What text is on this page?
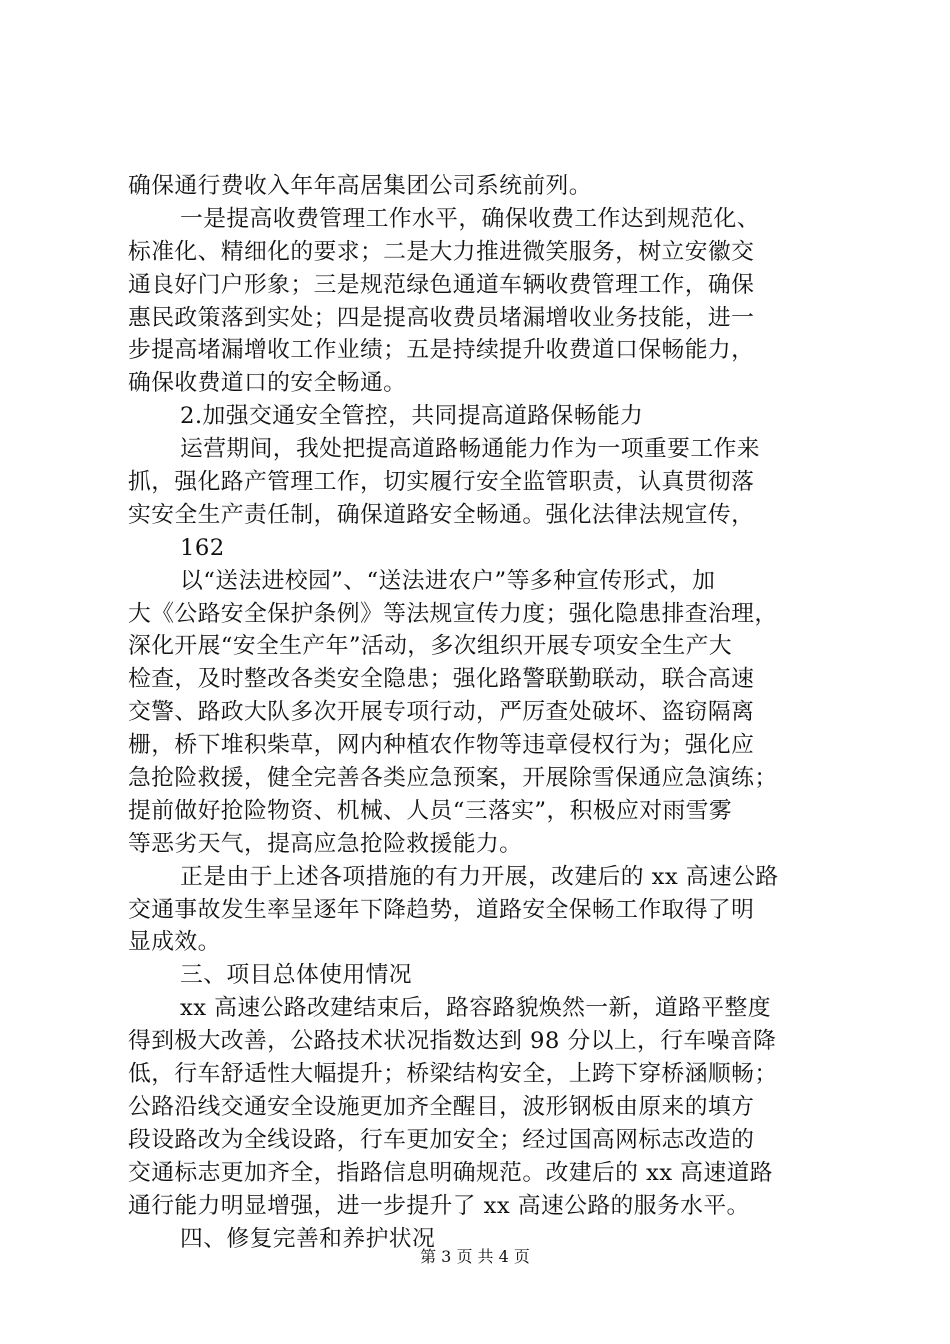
确保通行费收入年年高居集团公司系统前列。
一是提高收费管理工作水平，确保收费工作达到规范化、
标准化、精细化的要求；二是大力推进微笑服务，树立安徽交
通良好门户形象；三是规范绿色通道车辆收费管理工作，确保
惠民政策落到实处；四是提高收费员堵漏增收业务技能，进一
步提高堵漏增收工作业绩；五是持续提升收费道口保畅能力，
确保收费道口的安全畅通。
2.加强交通安全管控，共同提高道路保畅能力
运营期间，我处把提高道路畅通能力作为一项重要工作来
抓，强化路产管理工作，切实履行安全监管职责，认真贯彻落
实安全生产责任制，确保道路安全畅通。强化法律法规宣传，
162
以“送法进校园”、“送法进农户”等多种宣传形式，加
大《公路安全保护条例》等法规宣传力度；强化隐患排查治理，
深化开展“安全生产年”活动，多次组织开展专项安全生产大
检查，及时整改各类安全隐患；强化路警联勤联动，联合高速
交警、路政大队多次开展专项行动，严厉查处破坏、盗窃隔离
栅，桥下堆积柴草，网内种植农作物等违章侵权行为；强化应
急抢险救援，健全完善各类应急预案，开展除雪保通应急演练；
提前做好抢险物资、机械、人员“三落实”，积极应对雨雪雾
等恶劣天气，提高应急抢险救援能力。
正是由于上述各项措施的有力开展，改建后的 xx 高速公路
交通事故发生率呈逐年下降趋势，道路安全保畅工作取得了明
显成效。
三、项目总体使用情况
xx 高速公路改建结束后，路容路貌焕然一新，道路平整度
得到极大改善，公路技术状况指数达到 98 分以上，行车噪音降
低，行车舒适性大幅提升；桥梁结构安全，上跨下穿桥涵顺畅；
公路沿线交通安全设施更加齐全醒目，波形钢板由原来的填方
段设路改为全线设路，行车更加安全；经过国高网标志改造的
交通标志更加齐全，指路信息明确规范。改建后的 xx 高速道路
通行能力明显增强，进一步提升了 xx 高速公路的服务水平。
四、修复完善和养护状况
第 3 页 共 4 页
